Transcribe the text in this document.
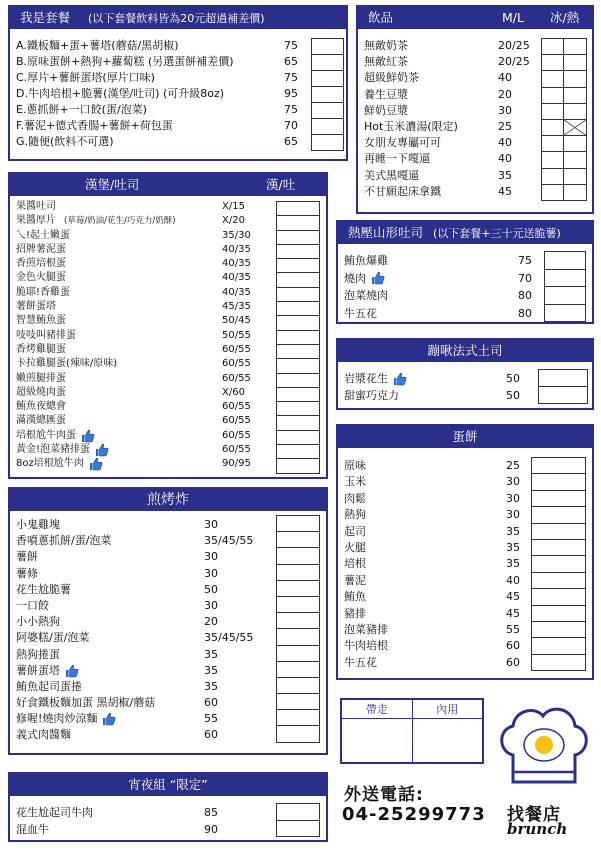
我是套餐 (以下套餐飲料皆為20元超過補差價)
A.鐵板麵+蛋+薯塔(蘑菇/黑胡椒)	75
B.原味蛋餅+熱狗+蘿蔔糕 (另選蛋餅補差價)	65
C.厚片+薯餅蛋塔(厚片口味)	75
D.牛肉培根+脆薯(漢堡/吐司) (可升級8oz)	95
E.蔥抓餅+一口餃(蛋/泡菜)	75
F.薯泥+德式香腸+薯餅+荷包蛋	70
G.隨便(飲料不可選)	65
飲品	M/L 冰/熱
無敵奶茶	20/25
無敵紅茶	20/25
超級鮮奶茶	40
養生豆漿	20
鮮奶豆漿	30
Hot玉米濃湯(限定)	25
女朋友專屬可可	40
再睡一下嘎逼	40
美式黑嘎逼	35
不甘願起床拿鐵	45
漢堡/吐司	漢/吐
果醬吐司	X/15
果醬厚片 (草莓/奶油/花生/巧克力/奶酥)	X/20
乀!起士嫩蛋	35/30
招牌薯泥蛋	40/35
香煎培根蛋	40/35
金色火腿蛋	40/35
脆耶!香雞蛋	40/35
薯餅蛋塔	45/35
智慧鮪魚蛋	50/45
吱吱叫豬排蛋	50/55
香烤雞腿蛋	60/55
卡拉雞腿蛋(辣味/原味)	60/55
嫩煎腿排蛋	60/55
超級燒肉蛋	X/60
鮪魚夜總會	60/55
滿漢總匯蛋	60/55
培根尬牛肉蛋	60/55
黃金!泡菜豬排蛋	60/55
8oz培根尬牛肉	90/95
熱壓山形吐司 (以下套餐+三十元送脆薯)
鮪魚爆雞	75
燒肉	70
泡菜燒肉	80
牛五花	80
蹦啾法式土司
岩漿花生	50
甜蜜巧克力	50
蛋餅
原味	25
玉米	30
肉鬆	30
熱狗	30
起司	35
火腿	35
培根	35
薯泥	40
鮪魚	45
豬排	45
泡菜豬排	55
牛肉培根	60
牛五花	60
煎烤炸
小鬼雞塊	30
香噴蔥抓餅/蛋/泡菜	35/45/55
薯餅	30
薯條	30
花生尬脆薯	50
一口餃	30
小小熱狗	20
阿婆糕/蛋/泡菜	35/45/55
熱狗捲蛋	35
薯餅蛋塔	35
鮪魚起司蛋捲	35
好食鐵板麵加蛋 黑胡椒/蘑菇	60
修喔!燒肉炒涼麵	55
義式肉醬麵	60
宵夜組 “限定”
花生尬起司牛肉	85
混血牛	90
帶走	內用
外送電話:
04-25299773 找餐店
brunch
